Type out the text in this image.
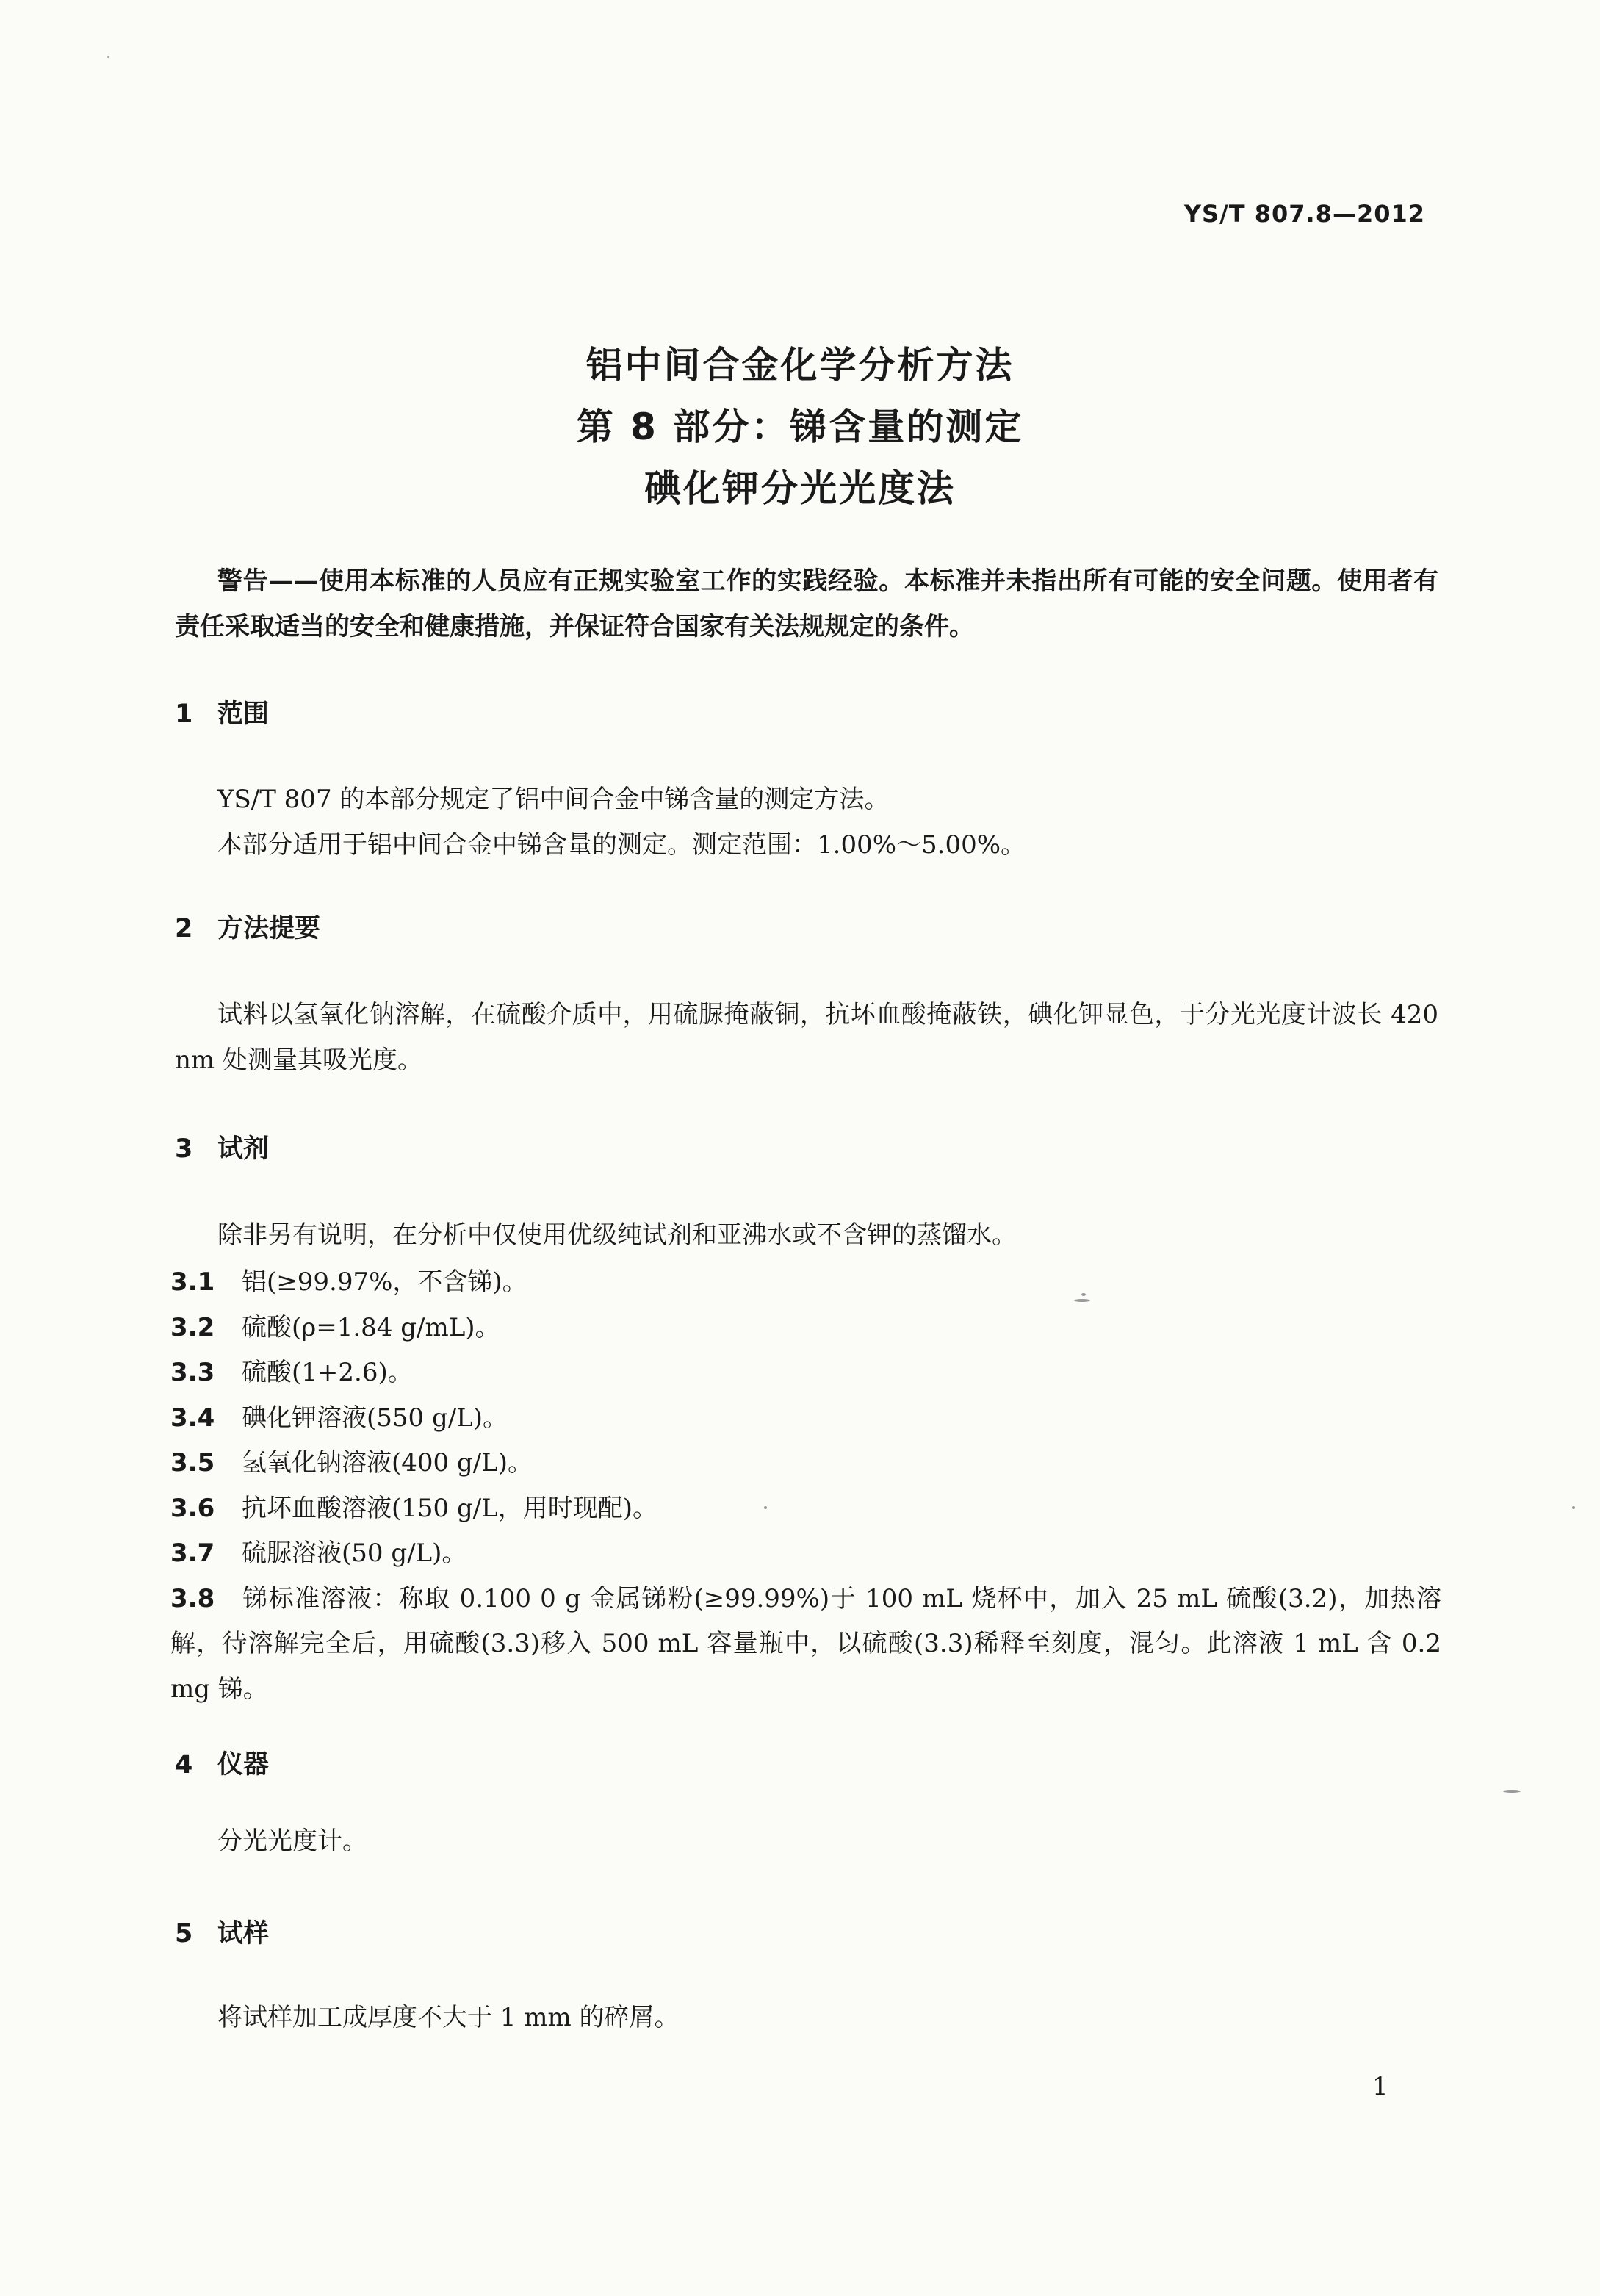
YS/T 807.8—2012
铝中间合金化学分析方法
第 8 部分：锑含量的测定
碘化钾分光光度法
警告——使用本标准的人员应有正规实验室工作的实践经验。本标准并未指出所有可能的安全问题。使用者有责任采取适当的安全和健康措施，并保证符合国家有关法规规定的条件。
1 范围
YS/T 807 的本部分规定了铝中间合金中锑含量的测定方法。
本部分适用于铝中间合金中锑含量的测定。测定范围：1.00%～5.00%。
2 方法提要
试料以氢氧化钠溶解，在硫酸介质中，用硫脲掩蔽铜，抗坏血酸掩蔽铁，碘化钾显色，于分光光度计波长 420 nm 处测量其吸光度。
3 试剂
除非另有说明，在分析中仅使用优级纯试剂和亚沸水或不含钾的蒸馏水。
3.1 铝(≥99.97%，不含锑)。
3.2 硫酸(ρ=1.84 g/mL)。
3.3 硫酸(1+2.6)。
3.4 碘化钾溶液(550 g/L)。
3.5 氢氧化钠溶液(400 g/L)。
3.6 抗坏血酸溶液(150 g/L，用时现配)。
3.7 硫脲溶液(50 g/L)。
3.8 锑标准溶液：称取 0.100 0 g 金属锑粉(≥99.99%)于 100 mL 烧杯中，加入 25 mL 硫酸(3.2)，加热溶解，待溶解完全后，用硫酸(3.3)移入 500 mL 容量瓶中，以硫酸(3.3)稀释至刻度，混匀。此溶液 1 mL 含 0.2 mg 锑。
4 仪器
分光光度计。
5 试样
将试样加工成厚度不大于 1 mm 的碎屑。
1
